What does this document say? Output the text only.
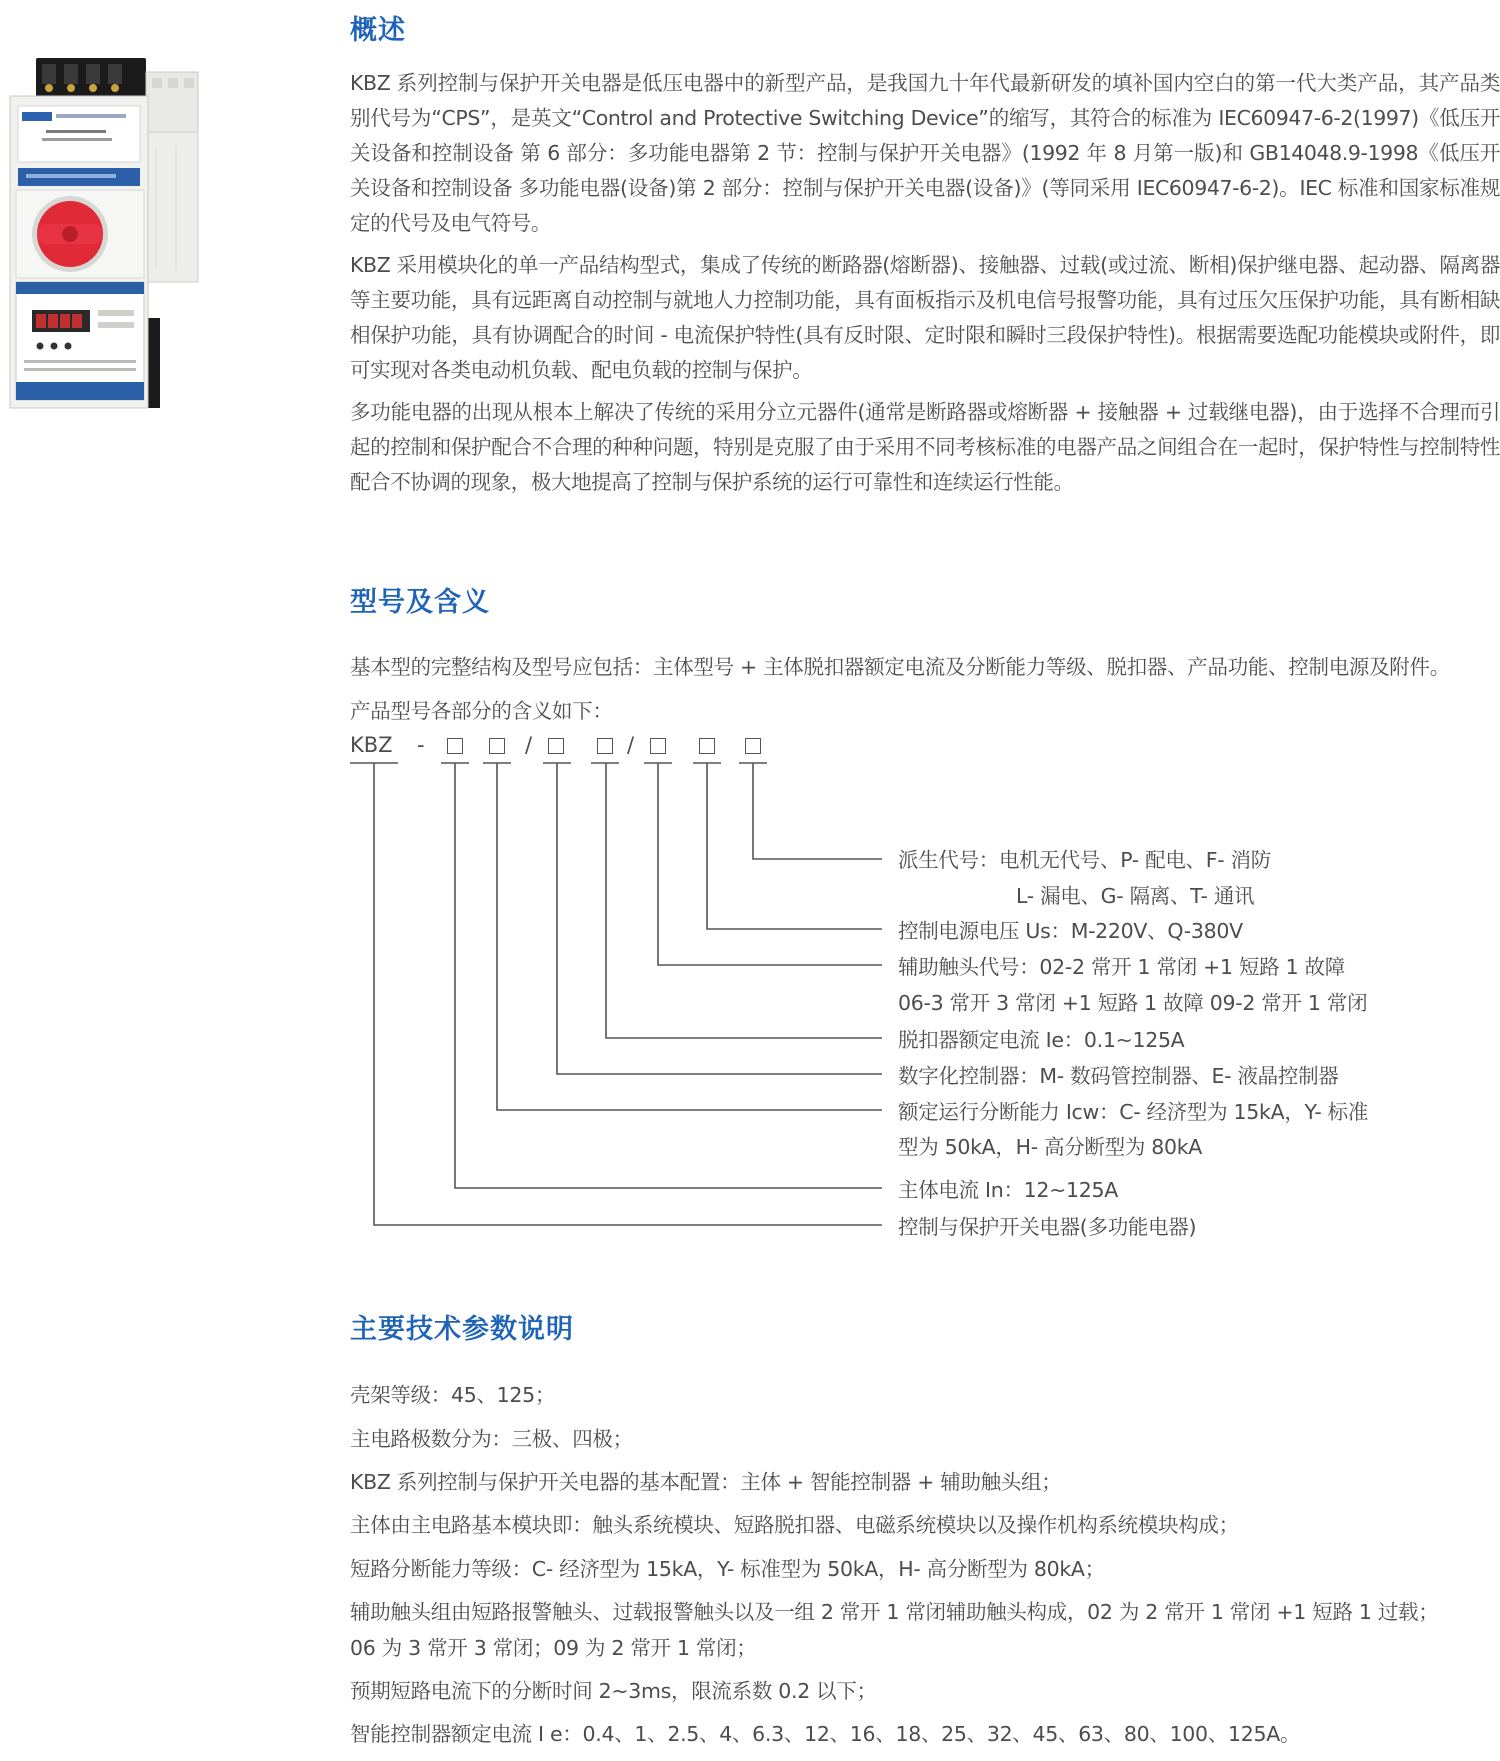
概述

KBZ 系列控制与保护开关电器是低压电器中的新型产品，是我国九十年代最新研发的填补国内空白的第一代大类产品，其产品类别代号为“CPS”，是英文“Control and Protective Switching Device”的缩写，其符合的标准为 IEC60947-6-2(1997)《低压开关设备和控制设备 第 6 部分：多功能电器第 2 节：控制与保护开关电器》(1992 年 8 月第一版)和 GB14048.9-1998《低压开关设备和控制设备 多功能电器(设备)第 2 部分：控制与保护开关电器(设备)》(等同采用 IEC60947-6-2)。IEC 标准和国家标准规定的代号及电气符号。

KBZ 采用模块化的单一产品结构型式，集成了传统的断路器(熔断器)、接触器、过载(或过流、断相)保护继电器、起动器、隔离器等主要功能，具有远距离自动控制与就地人力控制功能，具有面板指示及机电信号报警功能，具有过压欠压保护功能，具有断相缺相保护功能，具有协调配合的时间 - 电流保护特性(具有反时限、定时限和瞬时三段保护特性)。根据需要选配功能模块或附件，即可实现对各类电动机负载、配电负载的控制与保护。

多功能电器的出现从根本上解决了传统的采用分立元器件(通常是断路器或熔断器 + 接触器 + 过载继电器)，由于选择不合理而引起的控制和保护配合不合理的种种问题，特别是克服了由于采用不同考核标准的电器产品之间组合在一起时，保护特性与控制特性配合不协调的现象，极大地提高了控制与保护系统的运行可靠性和连续运行性能。

型号及含义
基本型的完整结构及型号应包括：主体型号 + 主体脱扣器额定电流及分断能力等级、脱扣器、产品功能、控制电源及附件。
产品型号各部分的含义如下：
KBZ -	/	/
派生代号：电机无代号、P- 配电、F- 消防
L- 漏电、G- 隔离、T- 通讯
控制电源电压 Us：M-220V、Q-380V
辅助触头代号：02-2 常开 1 常闭 +1 短路 1 故障
06-3 常开 3 常闭 +1 短路 1 故障 09-2 常开 1 常闭
脱扣器额定电流 Ie：0.1~125A
数字化控制器：M- 数码管控制器、E- 液晶控制器
额定运行分断能力 Icw：C- 经济型为 15kA，Y- 标准
型为 50kA，H- 高分断型为 80kA
主体电流 In：12~125A
控制与保护开关电器(多功能电器)
主要技术参数说明
壳架等级：45、125；
主电路极数分为：三极、四极；
KBZ 系列控制与保护开关电器的基本配置：主体 + 智能控制器 + 辅助触头组；
主体由主电路基本模块即：触头系统模块、短路脱扣器、电磁系统模块以及操作机构系统模块构成；
短路分断能力等级：C- 经济型为 15kA，Y- 标准型为 50kA，H- 高分断型为 80kA；
辅助触头组由短路报警触头、过载报警触头以及一组 2 常开 1 常闭辅助触头构成，02 为 2 常开 1 常闭 +1 短路 1 过载；
06 为 3 常开 3 常闭；09 为 2 常开 1 常闭；
预期短路电流下的分断时间 2~3ms，限流系数 0.2 以下；
智能控制器额定电流 I e：0.4、1、2.5、4、6.3、12、16、18、25、32、45、63、80、100、125A。
